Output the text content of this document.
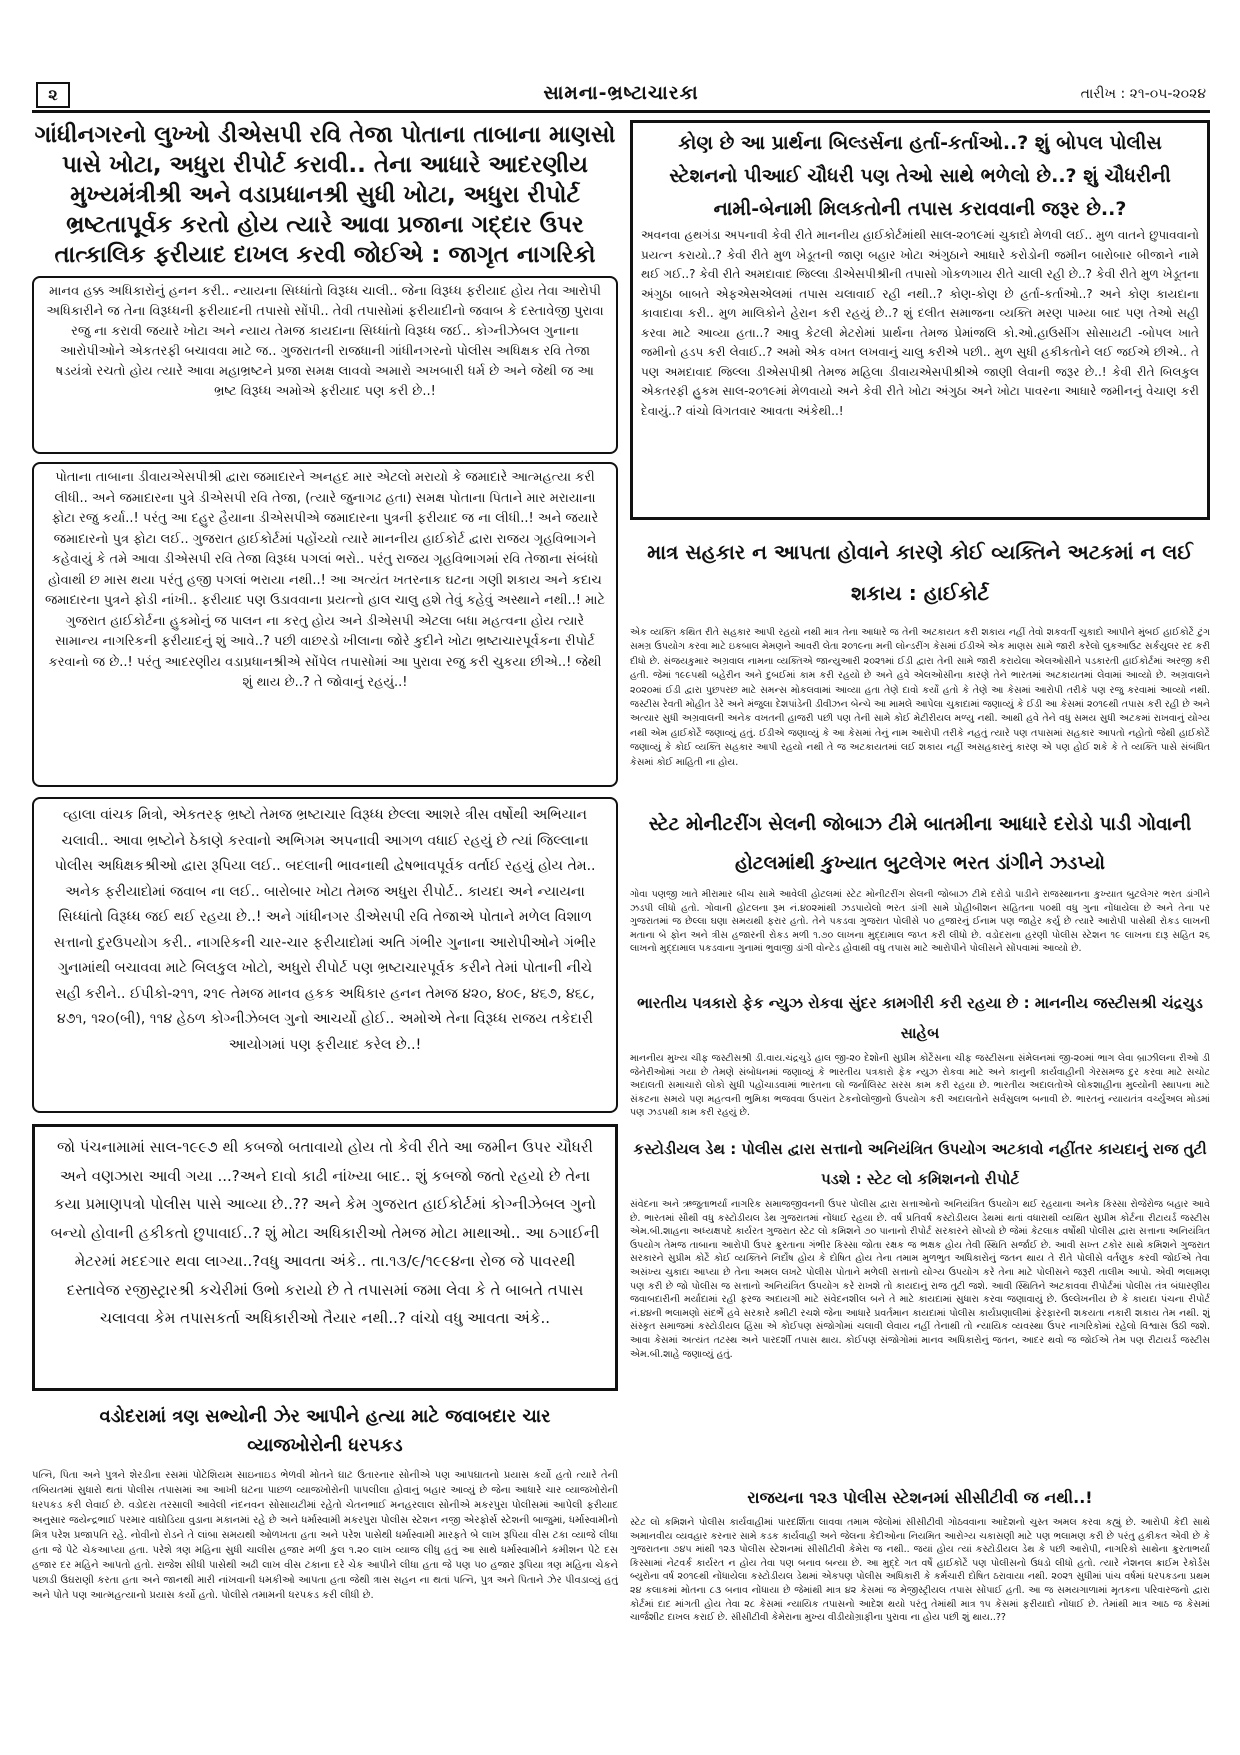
૨	સામના-ભ્રષ્ટાચારકા	તારીખ : ૨૧-૦૫-૨૦૨૪
ગાંધીનગરનો લુખ્ખો ડીએસપી રવિ તેજા પોતાના તાબાના માણસો પાસે ખોટા, અધુરા રીપોર્ટ કરાવી.. તેના આધારે આદરણીય મુખ્યમંત્રીશ્રી અને વડાપ્રધાનશ્રી સુધી ખોટા, અધુરા રીપોર્ટ ભ્રષ્ટતાપૂર્વક કરતો હોય ત્યારે આવા પ્રજાના ગદ્દાર ઉપર તાત્કાલિક ફરીયાદ દાખલ કરવી જોઈએ : જાગૃત નાગરિકો

માનવ હક્ક અધિકારોનું હનન કરી.. ન્યાયના સિધ્ધાંતો વિરૂધ્ધ ચાલી.. જેના વિરૂધ્ધ ફરીયાદ હોય તેવા આરોપી અધિકારીને જ તેના વિરૂધ્ધની ફરીયાદની તપાસો સોંપી.. તેવી તપાસોમાં ફરીયાદીનો જવાબ કે દસ્તાવેજી પુરાવા રજુ ના કરાવી જયારે ખોટા અને ન્યાય તેમજ કાયદાના સિધ્ધાંતો વિરૂધ્ધ જઈ.. કોગ્નીઝેબલ ગુનાના આરોપીઓને એકતરફી બચાવવા માટે જ.. ગુજરાતની રાજધાની ગાંધીનગરનો પોલીસ અધિક્ષક રવિ તેજા ષડયંત્રો રચતો હોય ત્યારે આવા મહાભ્રષ્ટને પ્રજા સમક્ષ લાવવો અમારો અખબારી ધર્મ છે અને જેથી જ આ ભ્રષ્ટ વિરૂધ્ધ અમોએ ફરીયાદ પણ કરી છે..!

પોતાના તાબાના ડીવાયએસપીશ્રી દ્વારા જમાદારને અનહદ માર એટલો મરાયો કે જમાદારે આત્મહત્યા કરી લીધી.. અને જમાદારના પુત્રે ડીએસપી રવિ તેજા, (ત્યારે જુનાગઢ હતા) સમક્ષ પોતાના પિતાને માર મરાયાના ફોટા રજુ કર્યા..! પરંતુ આ દહુર હૈયાના ડીએસપીએ જમાદારના પુત્રની ફરીયાદ જ ના લીધી..! અને જયારે જમાદારનો પુત્ર ફોટા લઈ.. ગુજરાત હાઈકોર્ટમાં પહોંચ્યો ત્યારે માનનીય હાઈકોર્ટ દ્વારા રાજય ગૃહવિભાગને કહેવાયું કે તમે આવા ડીએસપી રવિ તેજા વિરૂધ્ધ પગલાં ભરો.. પરંતુ રાજય ગૃહવિભાગમાં રવિ તેજાના સંબંધો હોવાથી છ માસ થયા પરંતુ હજી પગલાં ભરાયા નથી..! આ અત્યંત ખતરનાક ઘટના ગણી શકાય અને કદાચ જમાદારના પુત્રને ફોડી નાંખી.. ફરીયાદ પણ ઉડાવવાના પ્રયત્નો હાલ ચાલુ હશે તેવું કહેવું અસ્થાને નથી..! માટે ગુજરાત હાઈકોર્ટના હુકમોનું જ પાલન ના કરતુ હોય અને ડીએસપી એટલા બધા મહત્વના હોય ત્યારે સામાન્ય નાગરિકની ફરીયાદનું શું આવે..? પછી વાછરડો ખીલાના જોરે કુદીને ખોટા ભ્રષ્ટાચારપૂર્વકના રીપોર્ટ કરવાનો જ છે..! પરંતુ આદરણીય વડાપ્રધાનશ્રીએ સોંપેલ તપાસોમાં આ પુરાવા રજુ કરી ચુકયા છીએ..! જેથી શું થાય છે..? તે જોવાનું રહયું..!

વ્હાલા વાંચક મિત્રો, એકતરફ ભ્રષ્ટો તેમજ ભ્રષ્ટાચાર વિરૂધ્ધ છેલ્લા આશરે ત્રીસ વર્ષોથી અભિયાન ચલાવી.. આવા ભ્રષ્ટોને ઠેકાણે કરવાનો અભિગમ અપનાવી આગળ વધાઈ રહયું છે ત્યાં જિલ્લાના પોલીસ અધિક્ષકશ્રીઓ દ્વારા રૂપિયા લઈ.. બદલાની ભાવનાથી દ્વેષભાવપૂર્વક વર્તાઈ રહયું હોય તેમ.. અનેક ફરીયાદોમાં જવાબ ના લઈ.. બારોબાર ખોટા તેમજ અધુરા રીપોર્ટ.. કાયદા અને ન્યાયના સિધ્ધાંતો વિરૂધ્ધ જઈ થઈ રહયા છે..! અને ગાંધીનગર ડીએસપી રવિ તેજાએ પોતાને મળેલ વિશાળ સત્તાનો દુરઉપયોગ કરી.. નાગરિકની ચાર-ચાર ફરીયાદોમાં અતિ ગંભીર ગુનાના આરોપીઓને ગંભીર ગુનામાંથી બચાવવા માટે બિલકુલ ખોટો, અધુરો રીપોર્ટ પણ ભ્રષ્ટાચારપૂર્વક કરીને તેમાં પોતાની નીચે સહી કરીને.. ઈપીકો-૨૧૧, ૨૧૯ તેમજ માનવ હકક અધિકાર હનન તેમજ ૪૨૦, ૪૦૯, ૪૬૭, ૪૬૮, ૪૭૧, ૧૨૦(બી), ૧૧૪ હેઠળ કોગ્નીઝેબલ ગુનો આચર્યો હોઈ.. અમોએ તેના વિરૂધ્ધ રાજય તકેદારી આયોગમાં પણ ફરીયાદ કરેલ છે..!

જો પંચનામામાં સાલ-૧૯૯૭ થી કબજો બતાવાયો હોય તો કેવી રીતે આ જમીન ઉપર ચૌધરી અને વણઝારા આવી ગયા ...?અને દાવો કાઢી નાંખ્યા બાદ.. શું કબજો જતો રહયો છે તેના કયા પ્રમાણપત્રો પોલીસ પાસે આવ્યા છે..?? અને કેમ ગુજરાત હાઈકોર્ટમાં કોગ્નીઝેબલ ગુનો બન્યો હોવાની હકીકતો છુપાવાઈ..? શું મોટા અધિકારીઓ તેમજ મોટા માથાઓ.. આ ઠગાઈની મેટરમાં મદદગાર થવા લાગ્યા..?વધુ આવતા અંકે.. તા.૧૩/૯/૧૯૯૪ના રોજ જે પાવરથી દસ્તાવેજ રજીસ્ટ્રારશ્રી કચેરીમાં ઉભો કરાયો છે તે તપાસમાં જમા લેવા કે તે બાબતે તપાસ ચલાવવા કેમ તપાસકર્તા અધિકારીઓ તૈયાર નથી..? વાંચો વધુ આવતા અંકે..

વડોદરામાં ત્રણ સભ્યોની ઝેર આપીને હત્યા માટે જવાબદાર ચાર વ્યાજખોરોની ધરપકડ

પત્નિ, પિતા અને પુત્રને શેરડીના રસમાં પોટેશિયમ સાઇનાઇડ ભેળવી મોતને ઘાટ ઉતારનાર સોનીએ પણ આપઘાતનો પ્રયાસ કર્યો હતો ત્યારે તેની તબિયતમાં સુધારો થતાં પોલીસ તપાસમાં આ આખી ઘટના પાછળ વ્યાજખોરોની પાપલીલા હોવાનું બહાર આવ્યું છે જેના આધારે ચાર વ્યાજખોરોની ધરપકડ કરી લેવાઈ છે. વડોદરા તરસાલી આવેલી નંદનવન સોસાયટીમાં રહેતો ચેતનભાઈ મનહરલાલ સોનીએ મકરપુરા પોલીસમાં આપેલી ફરીયાદ અનુસાર જયેન્દ્રભાઈ પરમાર વાઘોડિયા વુડાના મકાનમાં રહે છે અને ધર્માસ્વામી મકરપુરા પોલીસ સ્ટેશન નજી એરફોર્સ સ્ટેશની બાજુમાં, ધર્માસ્વામીનો મિત્ર પરેશ પ્રજાપતિ રહે. નોવીનો રોડને તે લાંબા સમયથી ઓળખતા હતા અને પરેશ પાસેથી ધર્માસ્વામી મારફતે બે લાખ રૂપિયા વીસ ટકા વ્યાજે લીધા હતા જે પેટે ચેકઆપ્યા હતા. પરેશે ત્રણ મહિના સુધી ચાલીસ હજાર મળી કુલ ૧.૨૦ લાખ વ્યાજ લીધુ હતું આ સાથે ધર્માસ્વામીને કમીશન પેટે દસ હજાર દર મહિને આપતો હતો. રાજેશ સીધી પાસેથી અઢી લાખ વીસ ટકાના દરે ચેક આપીને લીધા હતા જે પણ ૫૦ હજાર રૂપિયા ત્રણ મહિના ચેકને પછાડી ઉઘરાણી કરતા હતા અને જાનથી મારી નાંખવાની ધમકીઓ આપતા હતા જેથી ત્રાસ સહન ના થતાં પત્નિ, પુત્ર અને પિતાને ઝેર પીવડાવ્યું હતું અને પોતે પણ આત્મહત્યાનો પ્રયાસ કર્યો હતો. પોલીસે તમામની ધરપકડ કરી લીધી છે.

કોણ છે આ પ્રાર્થના બિલ્ડર્સના હર્તા-કર્તાઓ..? શું બોપલ પોલીસ સ્ટેશનનો પીઆઈ ચૌધરી પણ તેઓ સાથે ભળેલો છે..? શું ચૌધરીની નામી-બેનામી મિલકતોની તપાસ કરાવવાની જરૂર છે..?

અવનવા હથગંડા અપનાવી કેવી રીતે માનનીય હાઈકોર્ટમાંથી સાલ-૨૦૧૯માં ચુકાદો મેળવી લઈ.. મુળ વાતને છુપાવવાનો પ્રયત્ન કરાયો..? કેવી રીતે મુળ ખેડૂતની જાણ બહાર ખોટા અંગુઠાને આધારે કરોડોની જમીન બારોબાર બીજાને નામે થઈ ગઈ..? કેવી રીતે અમદાવાદ જિલ્લા ડીએસપીશ્રીની તપાસો ગોકળગાય રીતે ચાલી રહી છે..? કેવી રીતે મુળ ખેડૂતના અંગુઠા બાબતે એફએસએલમાં તપાસ ચલાવાઈ રહી નથી..? કોણ-કોણ છે હર્તા-કર્તાઓ..? અને કોણ કાયદાના કાવાદાવા કરી.. મુળ માલિકોને હેરાન કરી રહયું છે..? શું દલીત સમાજના વ્યક્તિ મરણ પામ્યા બાદ પણ તેઓ સહી કરવા માટે આવ્યા હતા..? આવુ કેટલી મેટરોમાં પ્રાર્થના તેમજ પ્રેમાંજલિ કો.ઓ.હાઉસીંગ સોસાયટી -બોપલ ખાતે જમીનો હડપ કરી લેવાઈ..? અમો એક વખત લખવાનું ચાલુ કરીએ પછી.. મુળ સુધી હકીકતોને લઈ જઈએ છીએ.. તે પણ અમદાવાદ જિલ્લા ડીએસપીશ્રી તેમજ મહિલા ડીવાયએસપીશ્રીએ જાણી લેવાની જરૂર છે..! કેવી રીતે બિલકુલ એકતરફી હુકમ સાલ-૨૦૧૯માં મેળવાયો અને કેવી રીતે ખોટા અંગુઠા અને ખોટા પાવરના આધારે જમીનનું વેચાણ કરી દેવાયું..? વાંચો વિગતવાર આવતા અંકેથી..!

માત્ર સહકાર ન આપતા હોવાને કારણે કોઈ વ્યક્તિને અટકમાં ન લઈ શકાય : હાઈકોર્ટ

એક વ્યક્તિ કથિત રીતે સહકાર આપી રહયો નથી માત્ર તેના આધારે જ તેની અટકાયત કરી શકાય નહીં તેવો શકવર્તી ચુકાદો આપીને મુંબઈ હાઈકોર્ટે ટુંગ સમગ્ર ઉપયોગ કરવા માટે ઇકબાલ મેમણને આવરી લેતા ૨૦૧૯ના મની લોન્ડરીંગ કેસમાં ઈડીએ એક માણસ સામે જારી કરેલો લુકઆઉટ સર્કયુલર રદ કરી દીધો છે. સંજયકુમાર અગ્રવાલ નામના વ્યક્તિએ જાન્યુઆરી ૨૦૨૧માં ઈડી દ્વારા તેની સામે જારી કરાયેલા એલઓસીને પડકારતી હાઈકોર્ટમાં અરજી કરી હતી. જેમાં ૧૯૯૫થી બહેરીન અને દુબઈમાં કામ કરી રહયો છે અને હવે એલઓસીના કારણે તેને ભારતમાં અટકાયતમાં લેવામાં આવ્યો છે. અગ્રવાલને ૨૦૨૦માં ઈડી દ્વારા પુછપરછ માટે સમન્સ મોકલવામાં આવ્યા હતા તેણે દાવો કર્યો હતો કે તેણે આ કેસમાં આરોપી તરીકે પણ રજુ કરવામાં આવ્યો નથી. જસ્ટીસ રેવતી મોહીત ડેરે અને મંજુલા દેશપાંડેની ડીવીઝન બેન્ચે આ મામલે આપેલા ચુકાદામાં જણાવ્યું કે ઈડી આ કેસમાં ૨૦૧૯થી તપાસ કરી રહી છે અને અત્યાર સુધી અગ્રવાલની અનેક વખતની હાજરી પછી પણ તેની સામે કોઈ મેટીરીયલ મળ્યુ નથી. આથી હવે તેને વધુ સમય સુધી અટકમાં રાખવાનું યોગ્ય નથી એમ હાઈકોર્ટે જણાવ્યું હતું. ઈડીએ જણાવ્યું કે આ કેસમાં તેનું નામ આરોપી તરીકે નહતું ત્યારે પણ તપાસમાં સહકાર આપતો નહોતો જેથી હાઈકોર્ટે જણાવ્યું કે કોઈ વ્યક્તિ સહકાર આપી રહયો નથી તે જ અટકાયતમાં લઈ શકાય નહીં અસહકારનું કારણ એ પણ હોઈ શકે કે તે વ્યક્તિ પાસે સંબંધિત કેસમાં કોઈ માહિતી ના હોય.

સ્ટેટ મોનીટરીંગ સેલની જોબાઝ ટીમે બાતમીના આધારે દરોડો પાડી ગોવાની હોટલમાંથી કુખ્યાત બુટલેગર ભરત ડાંગીને ઝડપ્યો

ગોવા પણજી ખાતે મીરામાર બીચ સામે આવેલી હોટલમાં સ્ટેટ મોનીટરીંગ સેલની જોબાઝ ટીમે દરોડો પાડીને રાજસ્થાનના કુખ્યાત બુટલેગર ભરત ડાંગીને ઝડપી લીધો હતો. ગોવાની હોટલના રૂમ નં.૪૦૨માંથી ઝડપાયેલો ભરત ડાંગી સામે પ્રોહીબીશન સહિતના ૫૦થી વધુ ગુના નોંધાયેલા છે અને તેના પર ગુજરાતમાં જ છેલ્લા ઘણા સમયથી ફરાર હતો. તેને પકડવા ગુજરાત પોલીસે પ૦ હજારનું ઈનામ પણ જાહેર કર્યુ છે ત્યારે આરોપી પાસેથી રોકડ લાખની મતાના બે ફોન અને ત્રીસ હજારની રોકડ મળી ૧.૭૦ લાખના મુદ્દામાલ જપ્ત કરી લીધો છે. વડોદરાના હરણી પોલીસ સ્ટેશન ૧૯ લાખના દારૂ સહિત ૨૬ લાખનો મુદ્દામાલ પકડવાના ગુનામાં ભુવાજી ડાંગી વોન્ટેડ હોવાથી વધુ તપાસ માટે આરોપીને પોલીસને સોંપવામાં આવ્યો છે.

ભારતીય પત્રકારો ફેક ન્યુઝ રોકવા સુંદર કામગીરી કરી રહયા છે : માનનીય જસ્ટીસશ્રી ચંદ્રચુડ સાહેબ

માનનીય મુખ્ય ચીફ જસ્ટીસશ્રી ડી.વાય.ચંદ્રચુડે હાલ જી-૨૦ દેશોની સુપ્રીમ કોર્ટેસના ચીફ જસ્ટીસના સંમેલનમાં જી-૨૦માં ભાગ લેવા બ્રાઝીલના રીઓ ડી જેનેરીઓમાં ગયા છે તેમણે સંબોધનમાં જણાવ્યું કે ભારતીય પત્રકારો ફેક ન્યુઝ રોકવા માટે અને કાનુની કાર્યવાહીની ગેરસમજ દુર કરવા માટે સચોટ અદાલતી સમાચારો લોકો સુધી પહોંચાડવામાં ભારતના લો જર્નાલિસ્ટ સરસ કામ કરી રહયા છે. ભારતીય અદાલતોએ લોકશાહીના મુલ્યોની સ્થાપના માટે સંકટના સમયે પણ મહત્વની ભુમિકા ભજવવા ઉપરાંત ટેકનોલોજીનો ઉપયોગ કરી અદાલતોને સર્વસુલભ બનાવી છે. ભારતનું ન્યાયતંત્ર વર્ચ્યુઅલ મોડમાં પણ ઝડપથી કામ કરી રહયું છે.

કસ્ટોડીયલ ડેથ : પોલીસ દ્વારા સત્તાનો અનિયંત્રિત ઉપયોગ અટકાવો નહીંતર કાયદાનું રાજ તુટી પડશે : સ્ટેટ લો કમિશનનો રીપોર્ટ

સંવેદના અને ઋજુતાભર્યા નાગરિક સમાજજીવનની ઉપર પોલીસ દ્વારા સત્તાઓનો અનિયંત્રિત ઉપયોગ થઈ રહયાના અનેક કિસ્સા રોજેરોજ બહાર આવે છે. ભારતમાં સૌથી વધુ કસ્ટોડીયલ ડેથ ગુજરાતમાં નોંધાઈ રહયા છે. વર્ષ પ્રતિવર્ષ કસ્ટોડીયલ ડેથમાં થતાં વધારાથી વ્યથિત સુપ્રીમ કોર્ટના રીટાયર્ડ જસ્ટીસ એમ.બી.શાહના અધ્યક્ષપદે કાર્યરત ગુજરાત સ્ટેટ લો કમિશને ૭૦ પાનાનો રીપોર્ટ સરકારને સોંપ્યો છે જેમાં કેટલાક વર્ષોથી પોલીસ દ્વારા સત્તાના અનિયંત્રિત ઉપયોગ તેમજ તાબાના આરોપી ઉપર ક્રુરતાના ગંભીર કિસ્સા જોતા રક્ષક જ ભક્ષક હોય તેવી સ્થિતિ સર્જાઈ છે. આવી સખ્ત ટકોર સાથે કમિશને ગુજરાત સરકારને સુપ્રીમ કોર્ટે કોઈ વ્યક્તિને નિર્દોષ હોય કે દોષિત હોય તેના તમામ મુળભુત અધિકારોનું જતન થાય તે રીતે પોલીસે વર્તણુક કરવી જોઈએ તેવા અસંખ્ય ચુકાદા આપ્યા છે તેના અમલ લખટે પોલીસ પોતાને મળેલી સત્તાનો યોગ્ય ઉપયોગ કરે તેના માટે પોલીસને જરૂરી તાલીમ આપો. એવી ભલામણ પણ કરી છે જો પોલીસ જ સત્તાનો અનિયંત્રિત ઉપયોગ કરે રાખશે તો કાયદાનું રાજ તુટી જશે. આવી સ્થિતિને અટકાવવા રીપોર્ટમાં પોલીસ તંત્ર બંધારણીય જવાબદારીની મર્યાદામાં રહી ફરજ અદાયગી માટે સંવેદનશીલ બને તે માટે કાયદામાં સુધારા કરવા જણાવાયું છે. ઉલ્લેખનીય છે કે કાયદા પંચના રીપોર્ટ નં.૪૪ની ભલામણો સંદર્ભે હવે સરકારે ક્મીટી રચશે જેના આધારે પ્રવર્તમાન કાયદામાં પોલીસ કાર્યપ્રણાલીમાં ફેરફારની શકયતા નકારી શકાય તેમ નથી. શું સંસ્કૃત સમાજમાં કસ્ટોડીયલ હિંસા એ કોઈપણ સંજોગોમાં ચલાવી લેવાય નહીં તેનાથી તો ન્યાયિક વ્યવસ્થા ઉપર નાગરિકોમાં રહેલો વિશ્વાસ ઉઠી જશે. આવા કેસમાં અત્યંત તટસ્થ અને પારદર્શી તપાસ થાય. કોઈપણ સંજોગોમાં માનવ અધિકારોનું જતન, આદર થવો જ જોઈએ તેમ પણ રીટાયર્ડ જસ્ટીસ એમ.બી.શાહે જણાવ્યું હતું.

રાજયના ૧૨૩ પોલીસ સ્ટેશનમાં સીસીટીવી જ નથી..!

સ્ટેટ લો કમિશને પોલીસ કાર્યવાહીમાં પારદર્શિતા લાવવા તમામ જેલોમાં સીસીટીવી ગોઠવવાના આદેશનો ચુસ્ત અમલ કરવા કહ્યું છે. આરોપી કેદી સાથે અમાનવીય વ્યવહાર કરનાર સામે કડક કાર્યવાહી અને જેલના કેદીઓના નિયમિત આરોગ્ય ચકાસણી માટે પણ ભલામણ કરી છે પરંતુ હકીકત એવી છે કે ગુજરાતના ૭૪૫ માંથી ૧૨૩ પોલીસ સ્ટેશનમાં સીસીટીવી કેમેરા જ નથી.. જયાં હોય ત્યાં કસ્ટોડીયલ ડેથ કે પછી આરોપી, નાગરિકો સાથેના ક્રુરતાભર્યા કિસ્સામાં નેટવર્ક કાર્યરત ન હોય તેવા પણ બનાવ બન્યા છે. આ મુદ્દે ગત વર્ષે હાઈકોર્ટે પણ પોલીસનો ઉધડો લીધો હતો. ત્યારે નેશનલ ક્રાઈમ રેકોર્ડસ બ્યુરોના વર્ષ ૨૦૧૯થી નોંધાયેલા કસ્ટોડીયલ ડેથમાં એકપણ પોલીસ અધિકારી કે કર્મચારી દોષિત ઠરાવાયા નથી. ૨૦૨૧ સુધીમાં પાંચ વર્ષમાં ધરપકડના પ્રથમ ૨૪ કલાકમાં મોતના ૮૩ બનાવ નોંધાયા છે જેમાંથી માત્ર ૪૨ કેસમાં જ મેજીસ્ટ્રીયલ તપાસ સોંપાઈ હતી. આ જ સમયગાળામાં મૃતકના પરિવારજનો દ્વારા કોર્ટમાં દાદ માંગતી હોય તેવા ૨૮ કેસમાં ન્યાયિક તપાસનો આદેશ થયો પરંતુ તેમાંથી માત્ર ૧૫ કેસમાં ફરીયાદો નોંધાઈ છે. તેમાંથી માત્ર આઠ જ કેસમાં ચાર્જશીટ દાખલ કરાઈ છે. સીસીટીવી કેમેરાના મુખ્ય વીડીયોગ્રાફીના પુરાવા ના હોય પછી શું થાય..??
